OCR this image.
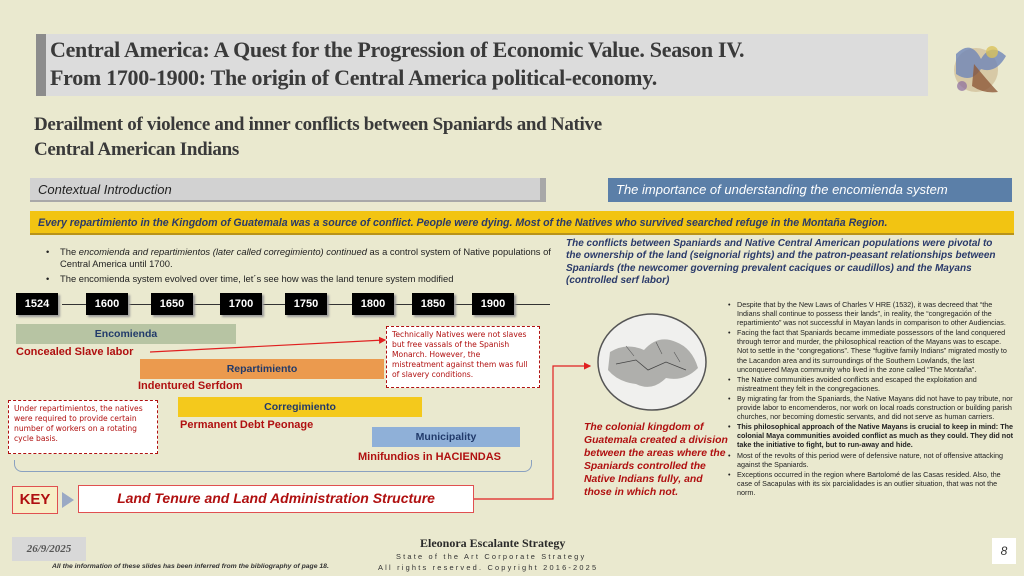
Central America: A Quest for the Progression of Economic Value. Season IV.
From 1700-1900: The origin of Central America political-economy.
Derailment of violence and inner conflicts between Spaniards and Native
Central American Indians
Contextual Introduction	The importance of understanding the encomienda system
Every repartimiento in the Kingdom of Guatemala was a source of conflict. People were dying. Most of the Natives who survived searched refuge in the Montaña Region.
• The encomienda and repartimientos (later called corregimiento) continued as a control system of Native populations of Central America until 1700.
• The encomienda system evolved over time, let´s see how was the land tenure system modified
The conflicts between Spaniards and Native Central American populations were pivotal to the ownership of the land (seignorial rights) and the patron-peasant relationships between Spaniards (the newcomer governing prevalent caciques or caudillos) and the Mayans (controlled serf labor)
1524	1600	1650	1700	1750	1800	1850	1900
Encomienda
Concealed Slave labor
Repartimiento
Indentured Serfdom
Corregimiento
Permanent Debt Peonage
Municipality
Minifundios in HACIENDAS
Technically Natives were not slaves but free vassals of the Spanish Monarch. However, the mistreatment against them was full of slavery conditions.
Under repartimientos, the natives were required to provide certain number of workers on a rotating cycle basis.
KEY	Land Tenure and Land Administration Structure
The colonial kingdom of Guatemala created a division between the areas where the Spaniards controlled the Native Indians fully, and those in which not.
• Despite that by the New Laws of Charles V HRE (1532), it was decreed that “the Indians shall continue to possess their lands”, in reality, the “congregación of the repartimiento” was not successful in Mayan lands in comparison to other Audiencias.
• Facing the fact that Spaniards became immediate possessors of the land conquered through terror and murder, the philosophical reaction of the Mayans was to escape. Not to settle in the “congregations”. These “fugitive family Indians” migrated mostly to the Lacandon area and its surroundings of the Southern Lowlands, the last unconquered Maya community who lived in the zone called “The Montaña”.
• The Native communities avoided conflicts and escaped the exploitation and mistreatment they felt in the congregaciones.
• By migrating far from the Spaniards, the Native Mayans did not have to pay tribute, nor provide labor to encomenderos, nor work on local roads construction or building parish churches, nor becoming domestic servants, and did not serve as human carriers.
• This philosophical approach of the Native Mayans is crucial to keep in mind: The colonial Maya communities avoided conflict as much as they could. They did not take the initiative to fight, but to run-away and hide.
• Most of the revolts of this period were of defensive nature, not of offensive attacking against the Spaniards.
• Exceptions occurred in the region where Bartolomé de las Casas resided. Also, the case of Sacapulas with its six parcialidades is an outlier situation, that was not the norm.
26/9/2025
All the information of these slides has been inferred from the bibliography of page 18.
Eleonora Escalante Strategy
State of the Art Corporate Strategy
All rights reserved. Copyright 2016-2025
8
